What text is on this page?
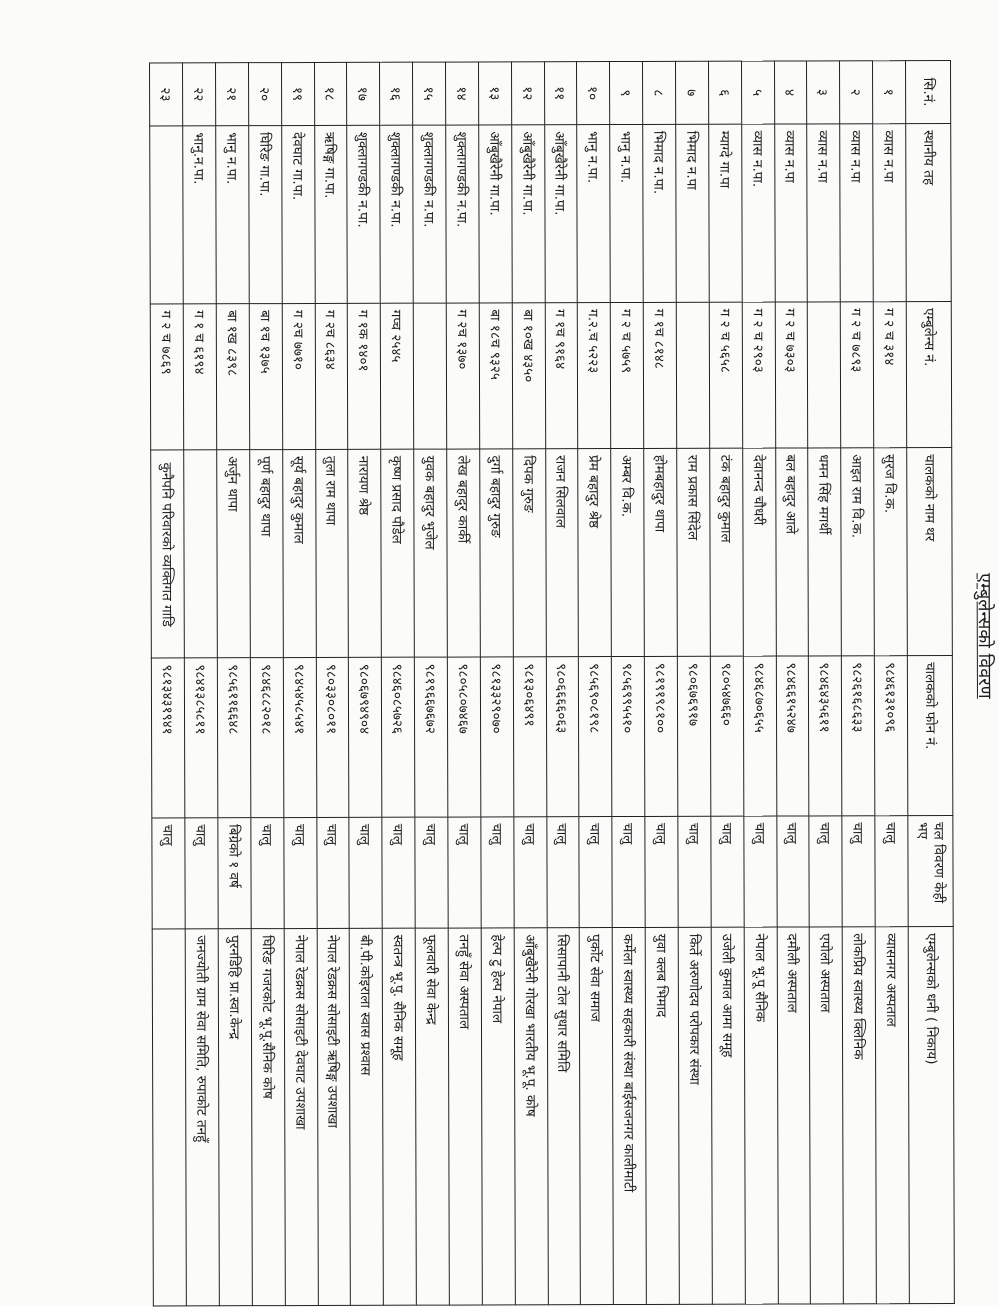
एम्बुलेन्सको विवरण
सि.नं.	स्थानीय तह	एम्बुलेन्स नं.	चालकको नाम थर	चालकको फोन नं.	चल विवरण केही भए	एम्बुलेन्सको धनी ( निकाय)
१	व्यास न.पा	ग २ च ३१४	सुरज वि.क.	९८४६१३१०९६	चालु	व्यासनगर अस्पताल
२	व्यास न.पा	ग २ च ७८९३	आइत राम वि.क.	९८२६१६८६३३	चालु	लोकप्रिय स्वास्थ्य क्लिनिक
३	व्यास न.पा		धमन सिंह मगर्थी	९८४६४३५६११	चालु	एपोलो अस्पताल
४	व्यास न.पा	ग २ च ७३०३	बल बहादुर आले	९८४६६१५२४७	चालु	दमौली अस्पताल
५	व्यास न.पा.	ग २ च २९०३	देवानन्द चौधरी	९८४६८७०६५५	चालु	नेपाल भू.पू सैनिक
६	म्याग्दे गा.पा	ग २ च ५६५८	टंक बहादुर कुमाल	९८०५४७६६०	चालु	उजेली कुमाल आमा समूह
७	भिमाद न.पा		राम प्रकास सिंदेल	९८०६७६९१७	चालु	किर्ते अरुणोदय परोपकार संस्था
८	भिमाद न.पा.	ग १च ८१४८	होमबहादुर थापा	९८१९१९८१००	चालु	युवा क्लब भिमाद
९	भानु न.पा.	ग २ च ५७५९	अम्बर वि.क.	९८५६९९५५१०	चालु	कर्मेला स्वास्थ्य सहकारी संस्था बाईसजनगर कालीमाटी
१०	भानु न.पा.	ग.२.च ५२२३	प्रेम बहादुर श्रेष्ठ	९८५६९०८१९८	चालु	पुर्कोट सेवा समाज
११	आँबुखैरेनी गा.पा.	ग १च ९१६४	राजन सिलवाल	९८०६६६६०६३	चालु	सिसापानी टोल सुधार समिति
१२	आँबुखैरेनी गा.पा.	बा १०ख ४३५०	दिपक गुरुङ	९८१३०६४९१	चालु	आँबुखैरेनी गोरखा भारतीय भू.पू. कोष
१३	आँबुखैरेनी गा.पा.	बा १८च ९३२५	दुर्गा बहादुर गुरुङ	९८१३३२९०७०	चालु	हेल्प टु हेल्प नेपाल
१४	शुक्लागण्डकी न.पा.	ग २च १३७०	लेख बहादुर कार्की	९८०५८०७४६७	चालु	तनहुँ सेवा अस्पताल
१५	शुक्लागण्डकी न.पा.		युवक बहादुर भुजेल	९८१९६६७६७२	चालु	फूलवारी सेवा केन्द्र
१६	शुक्लागण्डकी न.पा.	गप्च २५४५	कृष्ण प्रसाद पौडेल	९८४६०८५७२६	चालु	स्वतन्त्र भू.पु. सैनिक समूह
१७	शुक्लागण्डकी न.पा.	ग १क १४०१	नारायण श्रेष्ठ	९८०६७९४९०४	चालु	बी.पी.कोइराला स्वास प्रश्वास
१८	ऋषिङ्ग गा.पा.	ग २च ८६३४	तुला राम थापा	९८०३३०८०११	चालु	नेपाल रेडक्रस सोसाइटी ऋषिङ्ग उपशाखा
१९	देवघाट गा.पा.	ग २च ७७१०	सूर्य बहादुर कुमाल	९८४५४५८५४१	चालु	नेपाल रेडक्रस सोसाइटी देवघाट उपशाखा
२०	घिरिङ गा.पा.	बा १च १३७५	पूर्ण बहादुर थापा	९८४६८८२०१८	चालु	घिरिङ गजरकोट भू.पू.सैनिक कोष
२१	भानु न.पा.	बा १ख ८३९८	अर्जुन थापा	९८५६११६६४८	बिग्रेको १ वर्ष	पुरनडिहि प्रा.स्वा.केन्द्र
२२	भानु.न.पा.	ग १ च ६१९४		९८४१३८५८११	चालु	जनज्योती ग्राम सेवा समिति, रुपाकोट तनहुँ
२३		ग २ च ७८६९	कुनैपनि परिवारको व्यक्तिगत गाडि	९८१३४३१९४१	चालु	
